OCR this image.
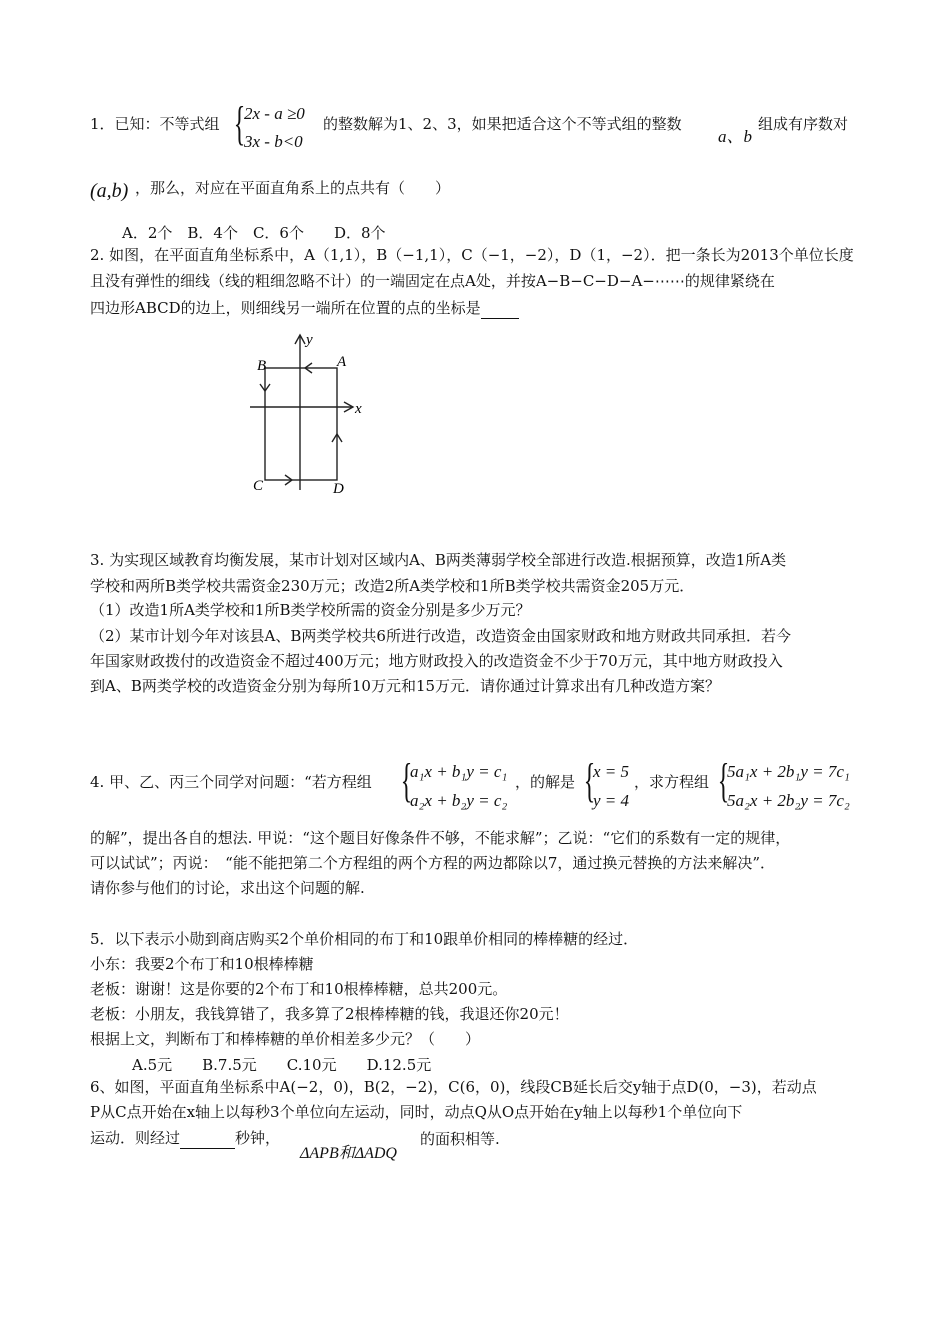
1．已知：不等式组 {
2x - a ≥0
3x - b<0
的整数解为1、2、3，如果把适合这个不等式组的整数
a、b
组成有序数对
(a,b) ，那么，对应在平面直角系上的点共有（　　）
A．2个　B．4个　C．6个　　D．8个
2. 如图，在平面直角坐标系中，A（1,1），B（−1,1），C（−1，−2），D（1，−2）．把一条长为2013个单位长度
且没有弹性的细线（线的粗细忽略不计）的一端固定在点A处，并按A−B−C−D−A−⋯⋯的规律紧绕在
四边形ABCD的边上，则细线另一端所在位置的点的坐标是
y
x
A
B
C	D
3. 为实现区域教育均衡发展，某市计划对区域内A、B两类薄弱学校全部进行改造.根据预算，改造1所A类
学校和两所B类学校共需资金230万元；改造2所A类学校和1所B类学校共需资金205万元．
（1）改造1所A类学校和1所B类学校所需的资金分别是多少万元？
（2）某市计划今年对该县A、B两类学校共6所进行改造，改造资金由国家财政和地方财政共同承担．若今
年国家财政拨付的改造资金不超过400万元；地方财政投入的改造资金不少于70万元，其中地方财政投入
到A、B两类学校的改造资金分别为每所10万元和15万元．请你通过计算求出有几种改造方案？
4. 甲、乙、丙三个同学对问题：“若方程组 {
a₁x + b₁y = c₁
a₂x + b₂y = c₂
，的解是 {
x = 5
y = 4
，求方程组 {
5a₁x + 2b₁y = 7c₁
5a₂x + 2b₂y = 7c₂
的解”，提出各自的想法. 甲说：“这个题目好像条件不够，不能求解”；乙说：“它们的系数有一定的规律，
可以试试”；丙说：　“能不能把第二个方程组的两个方程的两边都除以7，通过换元替换的方法来解决”．
请你参与他们的讨论，求出这个问题的解.
5．以下表示小勋到商店购买2个单价相同的布丁和10跟单价相同的棒棒糖的经过．
小东：我要2个布丁和10根棒棒糖
老板：谢谢！这是你要的2个布丁和10根棒棒糖，总共200元。
老板：小朋友，我钱算错了，我多算了2根棒棒糖的钱，我退还你20元！
根据上文，判断布丁和棒棒糖的单价相差多少元？（　　）
A.5元　　B.7.5元　　C.10元　　D.12.5元
6、如图，平面直角坐标系中A(−2，0)，B(2，−2)，C(6，0)，线段CB延长后交y轴于点D(0，−3)，若动点
P从C点开始在x轴上以每秒3个单位向左运动，同时，动点Q从O点开始在y轴上以每秒1个单位向下
运动．则经过	秒钟，
ΔAPB和ΔADQ
的面积相等.
